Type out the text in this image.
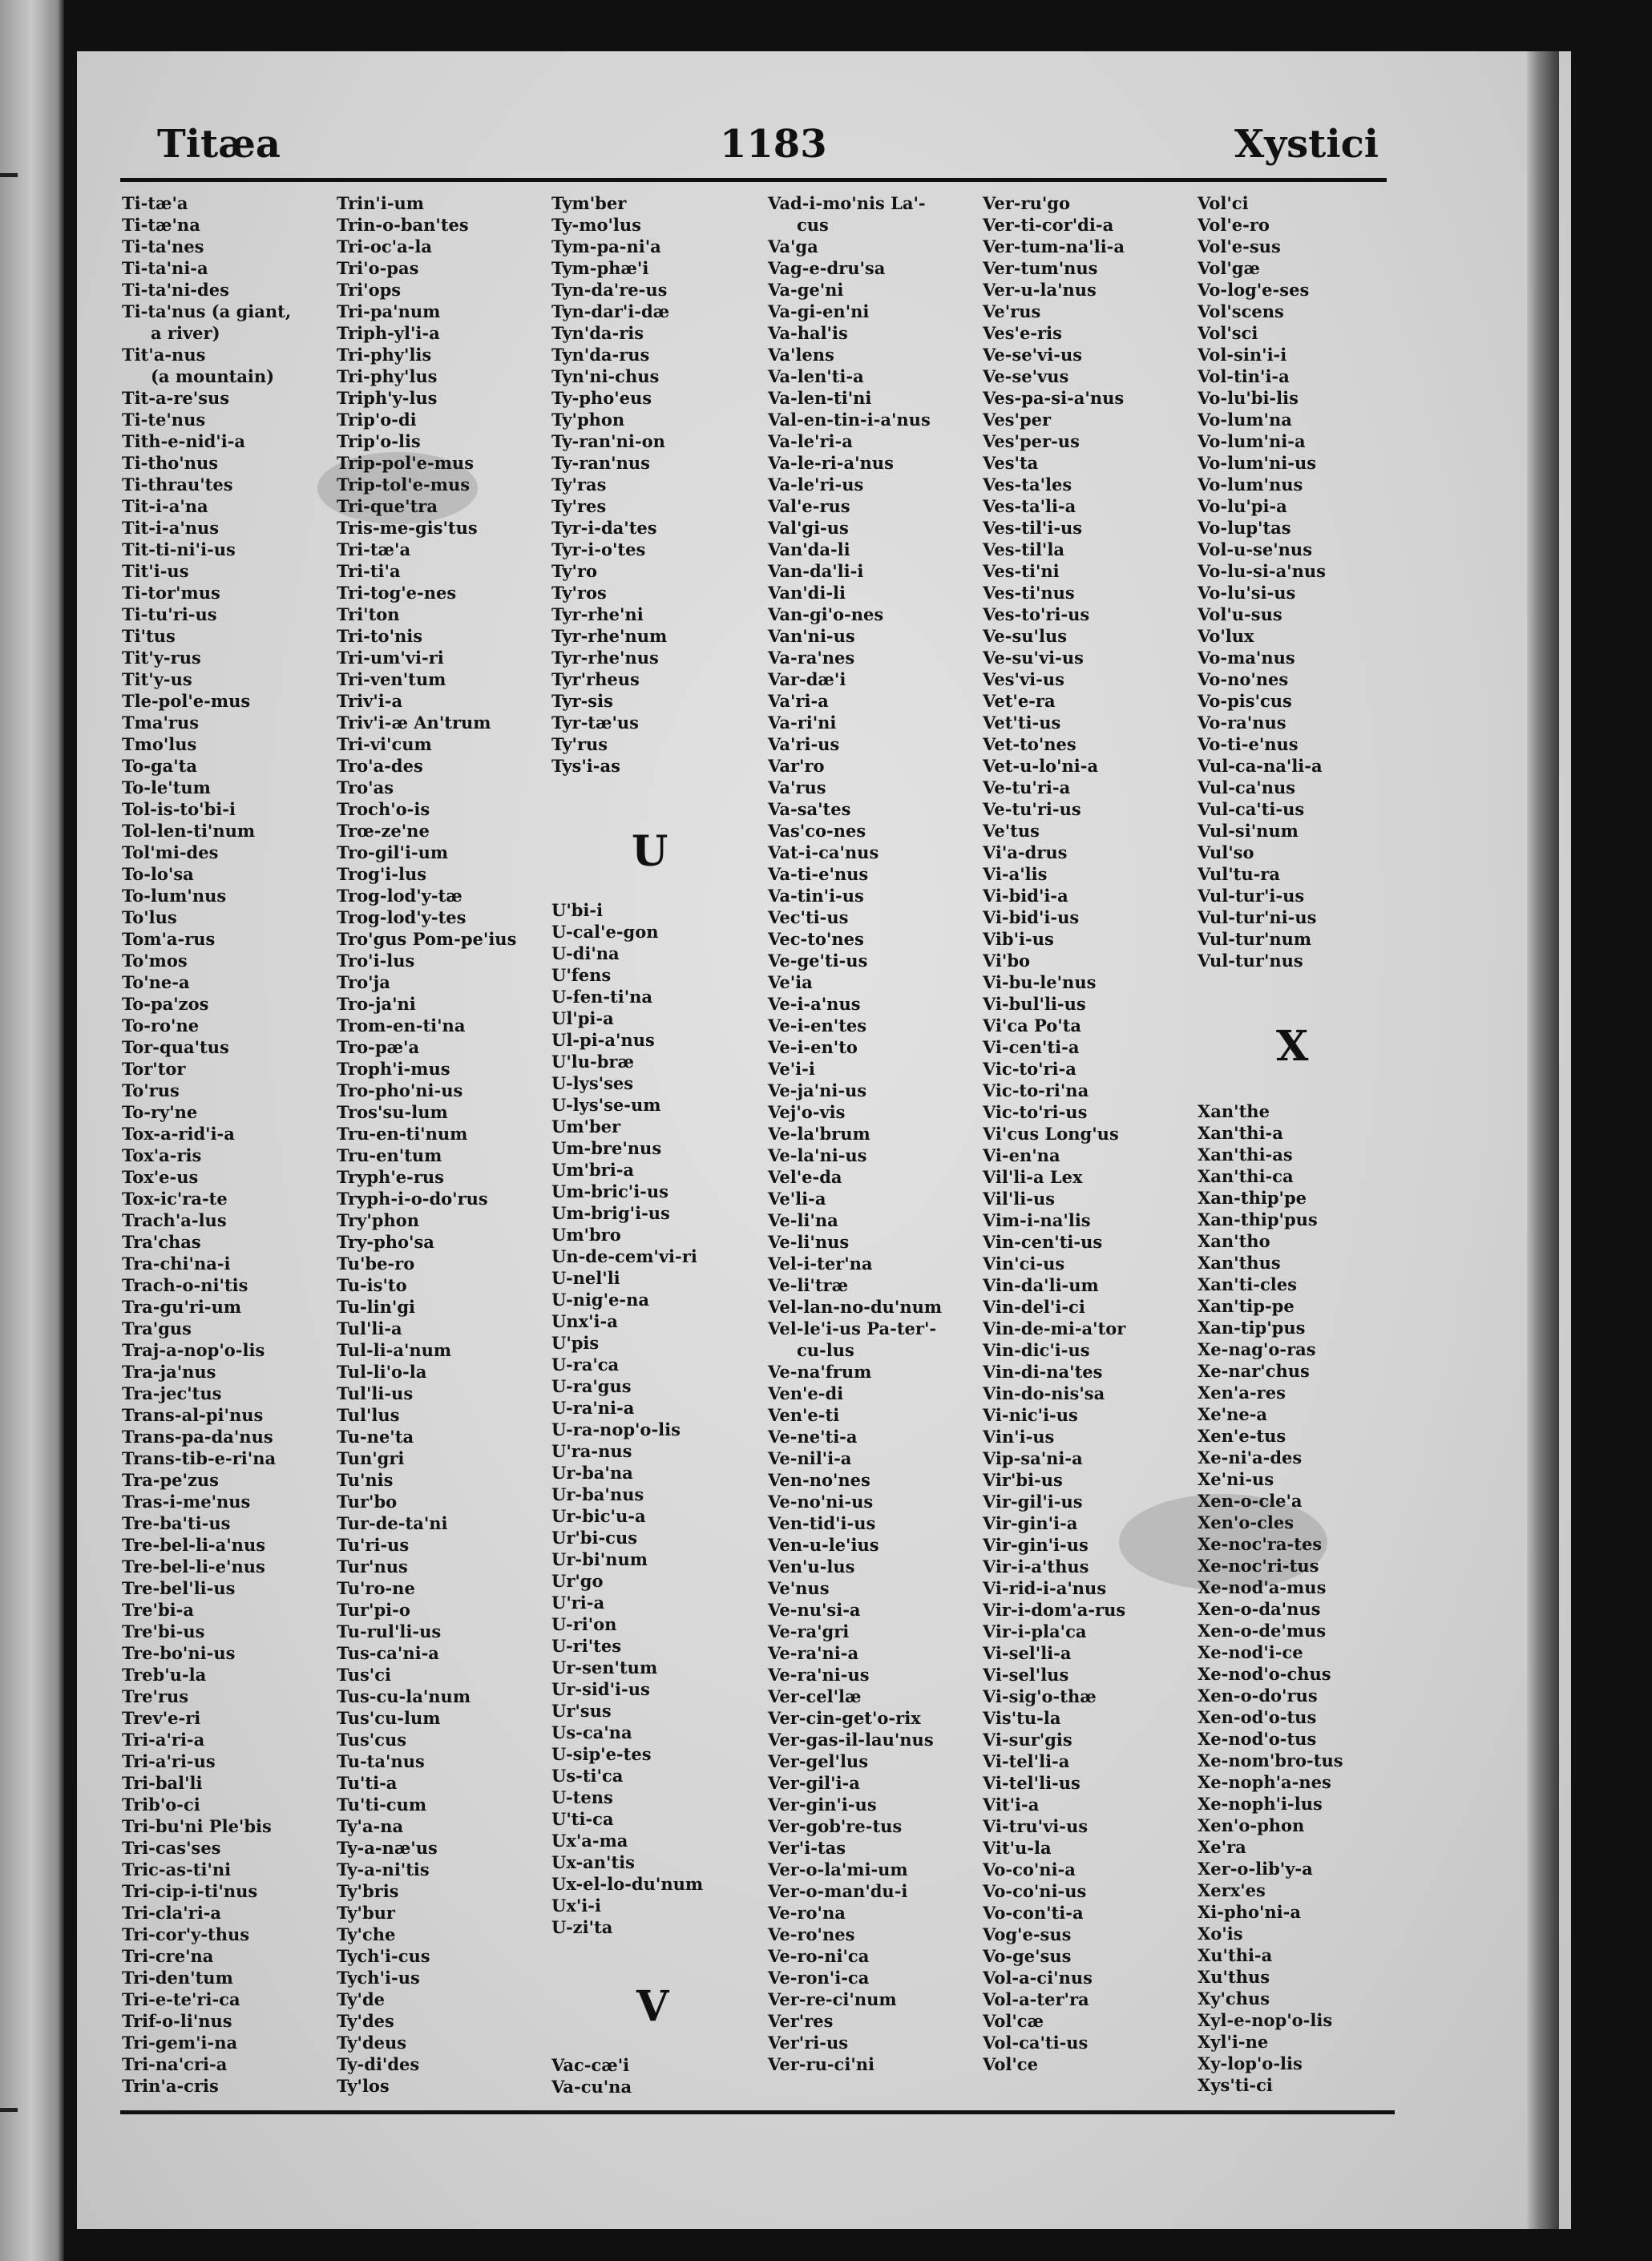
Titæa	1183	Xystici
Ti-tæ'a
Ti-tæ'na
Ti-ta'nes
Ti-ta'ni-a
Ti-ta'ni-des
Ti-ta'nus (a giant,
a river)
Tit'a-nus
(a mountain)
Tit-a-re'sus
Ti-te'nus
Tith-e-nid'i-a
Ti-tho'nus
Ti-thrau'tes
Tit-i-a'na
Tit-i-a'nus
Tit-ti-ni'i-us
Tit'i-us
Ti-tor'mus
Ti-tu'ri-us
Ti'tus
Tit'y-rus
Tit'y-us
Tle-pol'e-mus
Tma'rus
Tmo'lus
To-ga'ta
To-le'tum
Tol-is-to'bi-i
Tol-len-ti'num
Tol'mi-des
To-lo'sa
To-lum'nus
To'lus
Tom'a-rus
To'mos
To'ne-a
To-pa'zos
To-ro'ne
Tor-qua'tus
Tor'tor
To'rus
To-ry'ne
Tox-a-rid'i-a
Tox'a-ris
Tox'e-us
Tox-ic'ra-te
Trach'a-lus
Tra'chas
Tra-chi'na-i
Trach-o-ni'tis
Tra-gu'ri-um
Tra'gus
Traj-a-nop'o-lis
Tra-ja'nus
Tra-jec'tus
Trans-al-pi'nus
Trans-pa-da'nus
Trans-tib-e-ri'na
Tra-pe'zus
Tras-i-me'nus
Tre-ba'ti-us
Tre-bel-li-a'nus
Tre-bel-li-e'nus
Tre-bel'li-us
Tre'bi-a
Tre'bi-us
Tre-bo'ni-us
Treb'u-la
Tre'rus
Trev'e-ri
Tri-a'ri-a
Tri-a'ri-us
Tri-bal'li
Trib'o-ci
Tri-bu'ni Ple'bis
Tri-cas'ses
Tric-as-ti'ni
Tri-cip-i-ti'nus
Tri-cla'ri-a
Tri-cor'y-thus
Tri-cre'na
Tri-den'tum
Tri-e-te'ri-ca
Trif-o-li'nus
Tri-gem'i-na
Tri-na'cri-a
Trin'a-cris
Trin'i-um
Trin-o-ban'tes
Tri-oc'a-la
Tri'o-pas
Tri'ops
Tri-pa'num
Triph-yl'i-a
Tri-phy'lis
Tri-phy'lus
Triph'y-lus
Trip'o-di
Trip'o-lis
Trip-pol'e-mus
Trip-tol'e-mus
Tri-que'tra
Tris-me-gis'tus
Tri-tæ'a
Tri-ti'a
Tri-tog'e-nes
Tri'ton
Tri-to'nis
Tri-um'vi-ri
Tri-ven'tum
Triv'i-a
Triv'i-æ An'trum
Tri-vi'cum
Tro'a-des
Tro'as
Troch'o-is
Trœ-ze'ne
Tro-gil'i-um
Trog'i-lus
Trog-lod'y-tæ
Trog-lod'y-tes
Tro'gus Pom-pe'ius
Tro'i-lus
Tro'ja
Tro-ja'ni
Trom-en-ti'na
Tro-pæ'a
Troph'i-mus
Tro-pho'ni-us
Tros'su-lum
Tru-en-ti'num
Tru-en'tum
Tryph'e-rus
Tryph-i-o-do'rus
Try'phon
Try-pho'sa
Tu'be-ro
Tu-is'to
Tu-lin'gi
Tul'li-a
Tul-li-a'num
Tul-li'o-la
Tul'li-us
Tul'lus
Tu-ne'ta
Tun'gri
Tu'nis
Tur'bo
Tur-de-ta'ni
Tu'ri-us
Tur'nus
Tu'ro-ne
Tur'pi-o
Tu-rul'li-us
Tus-ca'ni-a
Tus'ci
Tus-cu-la'num
Tus'cu-lum
Tus'cus
Tu-ta'nus
Tu'ti-a
Tu'ti-cum
Ty'a-na
Ty-a-næ'us
Ty-a-ni'tis
Ty'bris
Ty'bur
Ty'che
Tych'i-cus
Tych'i-us
Ty'de
Ty'des
Ty'deus
Ty-di'des
Ty'los
Tym'ber
Ty-mo'lus
Tym-pa-ni'a
Tym-phæ'i
Tyn-da're-us
Tyn-dar'i-dæ
Tyn'da-ris
Tyn'da-rus
Tyn'ni-chus
Ty-pho'eus
Ty'phon
Ty-ran'ni-on
Ty-ran'nus
Ty'ras
Ty'res
Tyr-i-da'tes
Tyr-i-o'tes
Ty'ro
Ty'ros
Tyr-rhe'ni
Tyr-rhe'num
Tyr-rhe'nus
Tyr'rheus
Tyr-sis
Tyr-tæ'us
Ty'rus
Tys'i-as
Vad-i-mo'nis La'-
cus
Va'ga
Vag-e-dru'sa
Va-ge'ni
Va-gi-en'ni
Va-hal'is
Va'lens
Va-len'ti-a
Va-len-ti'ni
Val-en-tin-i-a'nus
Va-le'ri-a
Va-le-ri-a'nus
Va-le'ri-us
Val'e-rus
Val'gi-us
Van'da-li
Van-da'li-i
Van'di-li
Van-gi'o-nes
Van'ni-us
Va-ra'nes
Var-dæ'i
Va'ri-a
Va-ri'ni
Va'ri-us
Var'ro
Va'rus
Va-sa'tes
Vas'co-nes
Vat-i-ca'nus
Va-ti-e'nus
Va-tin'i-us
Vec'ti-us
Vec-to'nes
Ve-ge'ti-us
Ve'ia
Ve-i-a'nus
Ve-i-en'tes
Ve-i-en'to
Ve'i-i
Ve-ja'ni-us
Vej'o-vis
Ve-la'brum
Ve-la'ni-us
Vel'e-da
Ve'li-a
Ve-li'na
Ve-li'nus
Vel-i-ter'na
Ve-li'træ
Vel-lan-no-du'num
Vel-le'i-us Pa-ter'-
cu-lus
Ve-na'frum
Ven'e-di
Ven'e-ti
Ve-ne'ti-a
Ve-nil'i-a
Ven-no'nes
Ve-no'ni-us
Ven-tid'i-us
Ven-u-le'ius
Ven'u-lus
Ve'nus
Ve-nu'si-a
Ve-ra'gri
Ve-ra'ni-a
Ve-ra'ni-us
Ver-cel'læ
Ver-cin-get'o-rix
Ver-gas-il-lau'nus
Ver-gel'lus
Ver-gil'i-a
Ver-gin'i-us
Ver-gob're-tus
Ver'i-tas
Ver-o-la'mi-um
Ver-o-man'du-i
Ve-ro'na
Ve-ro'nes
Ve-ro-ni'ca
Ve-ron'i-ca
Ver-re-ci'num
Ver'res
Ver'ri-us
Ver-ru-ci'ni
Ver-ru'go
Ver-ti-cor'di-a
Ver-tum-na'li-a
Ver-tum'nus
Ver-u-la'nus
Ve'rus
Ves'e-ris
Ve-se'vi-us
Ve-se'vus
Ves-pa-si-a'nus
Ves'per
Ves'per-us
Ves'ta
Ves-ta'les
Ves-ta'li-a
Ves-til'i-us
Ves-til'la
Ves-ti'ni
Ves-ti'nus
Ves-to'ri-us
Ve-su'lus
Ve-su'vi-us
Ves'vi-us
Vet'e-ra
Vet'ti-us
Vet-to'nes
Vet-u-lo'ni-a
Ve-tu'ri-a
Ve-tu'ri-us
Ve'tus
Vi'a-drus
Vi-a'lis
Vi-bid'i-a
Vi-bid'i-us
Vib'i-us
Vi'bo
Vi-bu-le'nus
Vi-bul'li-us
Vi'ca Po'ta
Vi-cen'ti-a
Vic-to'ri-a
Vic-to-ri'na
Vic-to'ri-us
Vi'cus Long'us
Vi-en'na
Vil'li-a Lex
Vil'li-us
Vim-i-na'lis
Vin-cen'ti-us
Vin'ci-us
Vin-da'li-um
Vin-del'i-ci
Vin-de-mi-a'tor
Vin-dic'i-us
Vin-di-na'tes
Vin-do-nis'sa
Vi-nic'i-us
Vin'i-us
Vip-sa'ni-a
Vir'bi-us
Vir-gil'i-us
Vir-gin'i-a
Vir-gin'i-us
Vir-i-a'thus
Vi-rid-i-a'nus
Vir-i-dom'a-rus
Vir-i-pla'ca
Vi-sel'li-a
Vi-sel'lus
Vi-sig'o-thæ
Vis'tu-la
Vi-sur'gis
Vi-tel'li-a
Vi-tel'li-us
Vit'i-a
Vi-tru'vi-us
Vit'u-la
Vo-co'ni-a
Vo-co'ni-us
Vo-con'ti-a
Vog'e-sus
Vo-ge'sus
Vol-a-ci'nus
Vol-a-ter'ra
Vol'cæ
Vol-ca'ti-us
Vol'ce
Vol'ci
Vol'e-ro
Vol'e-sus
Vol'gæ
Vo-log'e-ses
Vol'scens
Vol'sci
Vol-sin'i-i
Vol-tin'i-a
Vo-lu'bi-lis
Vo-lum'na
Vo-lum'ni-a
Vo-lum'ni-us
Vo-lum'nus
Vo-lu'pi-a
Vo-lup'tas
Vol-u-se'nus
Vo-lu-si-a'nus
Vo-lu'si-us
Vol'u-sus
Vo'lux
Vo-ma'nus
Vo-no'nes
Vo-pis'cus
Vo-ra'nus
Vo-ti-e'nus
Vul-ca-na'li-a
Vul-ca'nus
Vul-ca'ti-us
Vul-si'num
Vul'so
Vul'tu-ra
Vul-tur'i-us
Vul-tur'ni-us
Vul-tur'num
Vul-tur'nus
U
U'bi-i
U-cal'e-gon
U-di'na
U'fens
U-fen-ti'na
Ul'pi-a
Ul-pi-a'nus
U'lu-bræ
U-lys'ses
U-lys'se-um
Um'ber
Um-bre'nus
Um'bri-a
Um-bric'i-us
Um-brig'i-us
Um'bro
Un-de-cem'vi-ri
U-nel'li
U-nig'e-na
Unx'i-a
U'pis
U-ra'ca
U-ra'gus
U-ra'ni-a
U-ra-nop'o-lis
U'ra-nus
Ur-ba'na
Ur-ba'nus
Ur-bic'u-a
Ur'bi-cus
Ur-bi'num
Ur'go
U'ri-a
U-ri'on
U-ri'tes
Ur-sen'tum
Ur-sid'i-us
Ur'sus
Us-ca'na
U-sip'e-tes
Us-ti'ca
U-tens
U'ti-ca
Ux'a-ma
Ux-an'tis
Ux-el-lo-du'num
Ux'i-i
U-zi'ta
V
Vac-cæ'i
Va-cu'na
X
Xan'the
Xan'thi-a
Xan'thi-as
Xan'thi-ca
Xan-thip'pe
Xan-thip'pus
Xan'tho
Xan'thus
Xan'ti-cles
Xan'tip-pe
Xan-tip'pus
Xe-nag'o-ras
Xe-nar'chus
Xen'a-res
Xe'ne-a
Xen'e-tus
Xe-ni'a-des
Xe'ni-us
Xen-o-cle'a
Xen'o-cles
Xe-noc'ra-tes
Xe-noc'ri-tus
Xe-nod'a-mus
Xen-o-da'nus
Xen-o-de'mus
Xe-nod'i-ce
Xe-nod'o-chus
Xen-o-do'rus
Xen-od'o-tus
Xe-nod'o-tus
Xe-nom'bro-tus
Xe-noph'a-nes
Xe-noph'i-lus
Xen'o-phon
Xe'ra
Xer-o-lib'y-a
Xerx'es
Xi-pho'ni-a
Xo'is
Xu'thi-a
Xu'thus
Xy'chus
Xyl-e-nop'o-lis
Xyl'i-ne
Xy-lop'o-lis
Xys'ti-ci
